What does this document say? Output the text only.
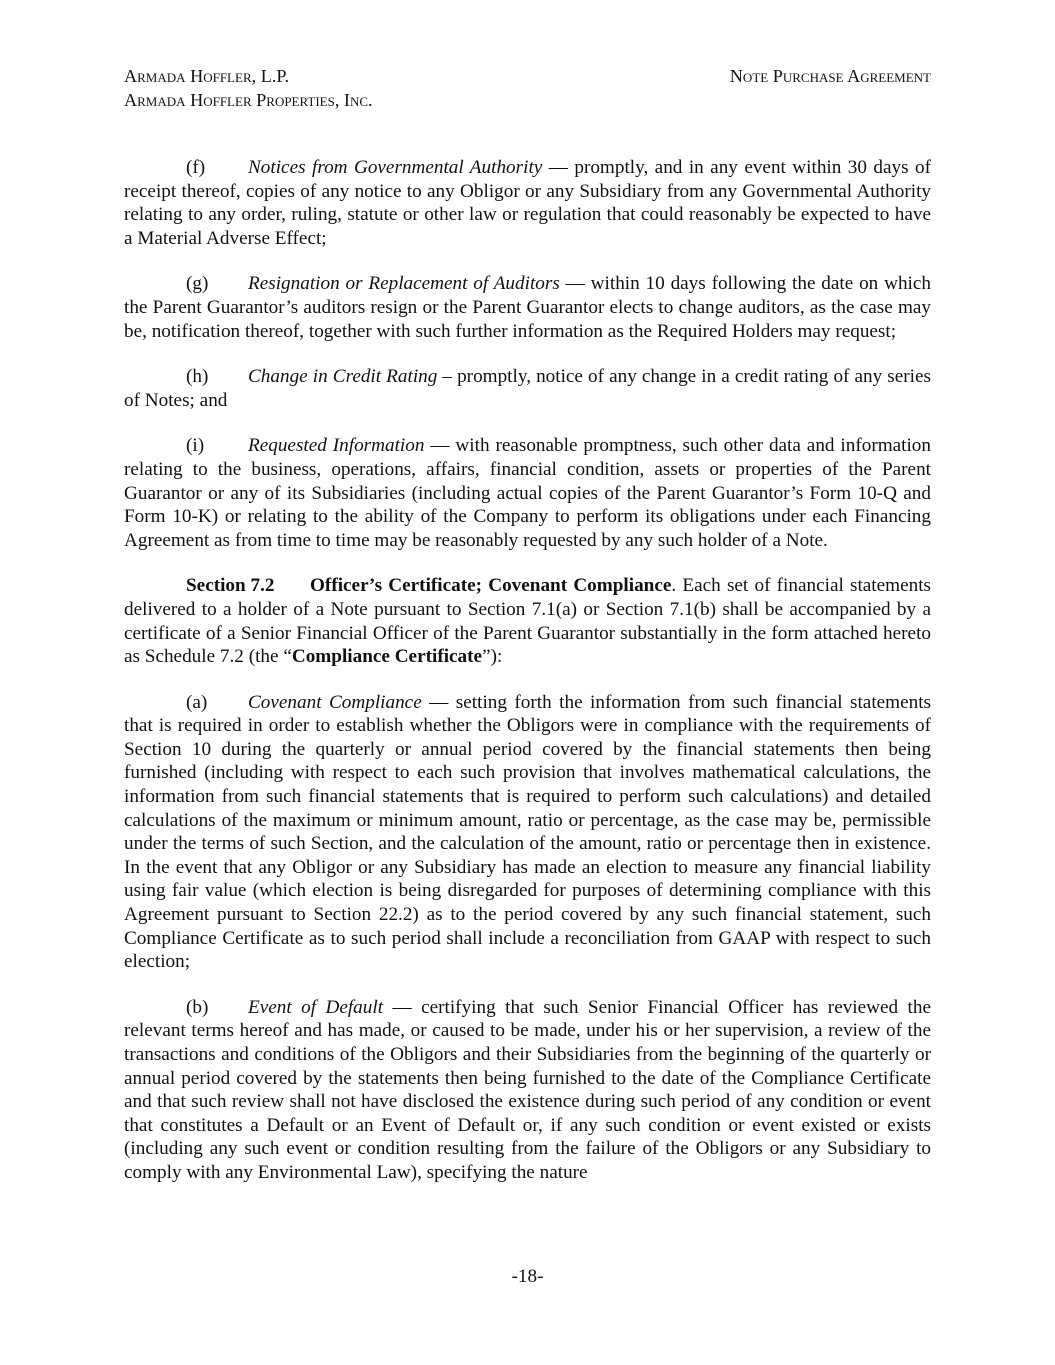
Armada Hoffler, L.P.
Armada Hoffler Properties, Inc.
Note Purchase Agreement

(f) Notices from Governmental Authority — promptly, and in any event within 30 days of receipt thereof, copies of any notice to any Obligor or any Subsidiary from any Governmental Authority relating to any order, ruling, statute or other law or regulation that could reasonably be expected to have a Material Adverse Effect;

(g) Resignation or Replacement of Auditors — within 10 days following the date on which the Parent Guarantor’s auditors resign or the Parent Guarantor elects to change auditors, as the case may be, notification thereof, together with such further information as the Required Holders may request;

(h) Change in Credit Rating – promptly, notice of any change in a credit rating of any series of Notes; and

(i) Requested Information — with reasonable promptness, such other data and information relating to the business, operations, affairs, financial condition, assets or properties of the Parent Guarantor or any of its Subsidiaries (including actual copies of the Parent Guarantor’s Form 10-Q and Form 10-K) or relating to the ability of the Company to perform its obligations under each Financing Agreement as from time to time may be reasonably requested by any such holder of a Note.

Section 7.2 Officer’s Certificate; Covenant Compliance. Each set of financial statements delivered to a holder of a Note pursuant to Section 7.1(a) or Section 7.1(b) shall be accompanied by a certificate of a Senior Financial Officer of the Parent Guarantor substantially in the form attached hereto as Schedule 7.2 (the “Compliance Certificate”):

(a) Covenant Compliance — setting forth the information from such financial statements that is required in order to establish whether the Obligors were in compliance with the requirements of Section 10 during the quarterly or annual period covered by the financial statements then being furnished (including with respect to each such provision that involves mathematical calculations, the information from such financial statements that is required to perform such calculations) and detailed calculations of the maximum or minimum amount, ratio or percentage, as the case may be, permissible under the terms of such Section, and the calculation of the amount, ratio or percentage then in existence. In the event that any Obligor or any Subsidiary has made an election to measure any financial liability using fair value (which election is being disregarded for purposes of determining compliance with this Agreement pursuant to Section 22.2) as to the period covered by any such financial statement, such Compliance Certificate as to such period shall include a reconciliation from GAAP with respect to such election;

(b) Event of Default — certifying that such Senior Financial Officer has reviewed the relevant terms hereof and has made, or caused to be made, under his or her supervision, a review of the transactions and conditions of the Obligors and their Subsidiaries from the beginning of the quarterly or annual period covered by the statements then being furnished to the date of the Compliance Certificate and that such review shall not have disclosed the existence during such period of any condition or event that constitutes a Default or an Event of Default or, if any such condition or event existed or exists (including any such event or condition resulting from the failure of the Obligors or any Subsidiary to comply with any Environmental Law), specifying the nature

-18-
